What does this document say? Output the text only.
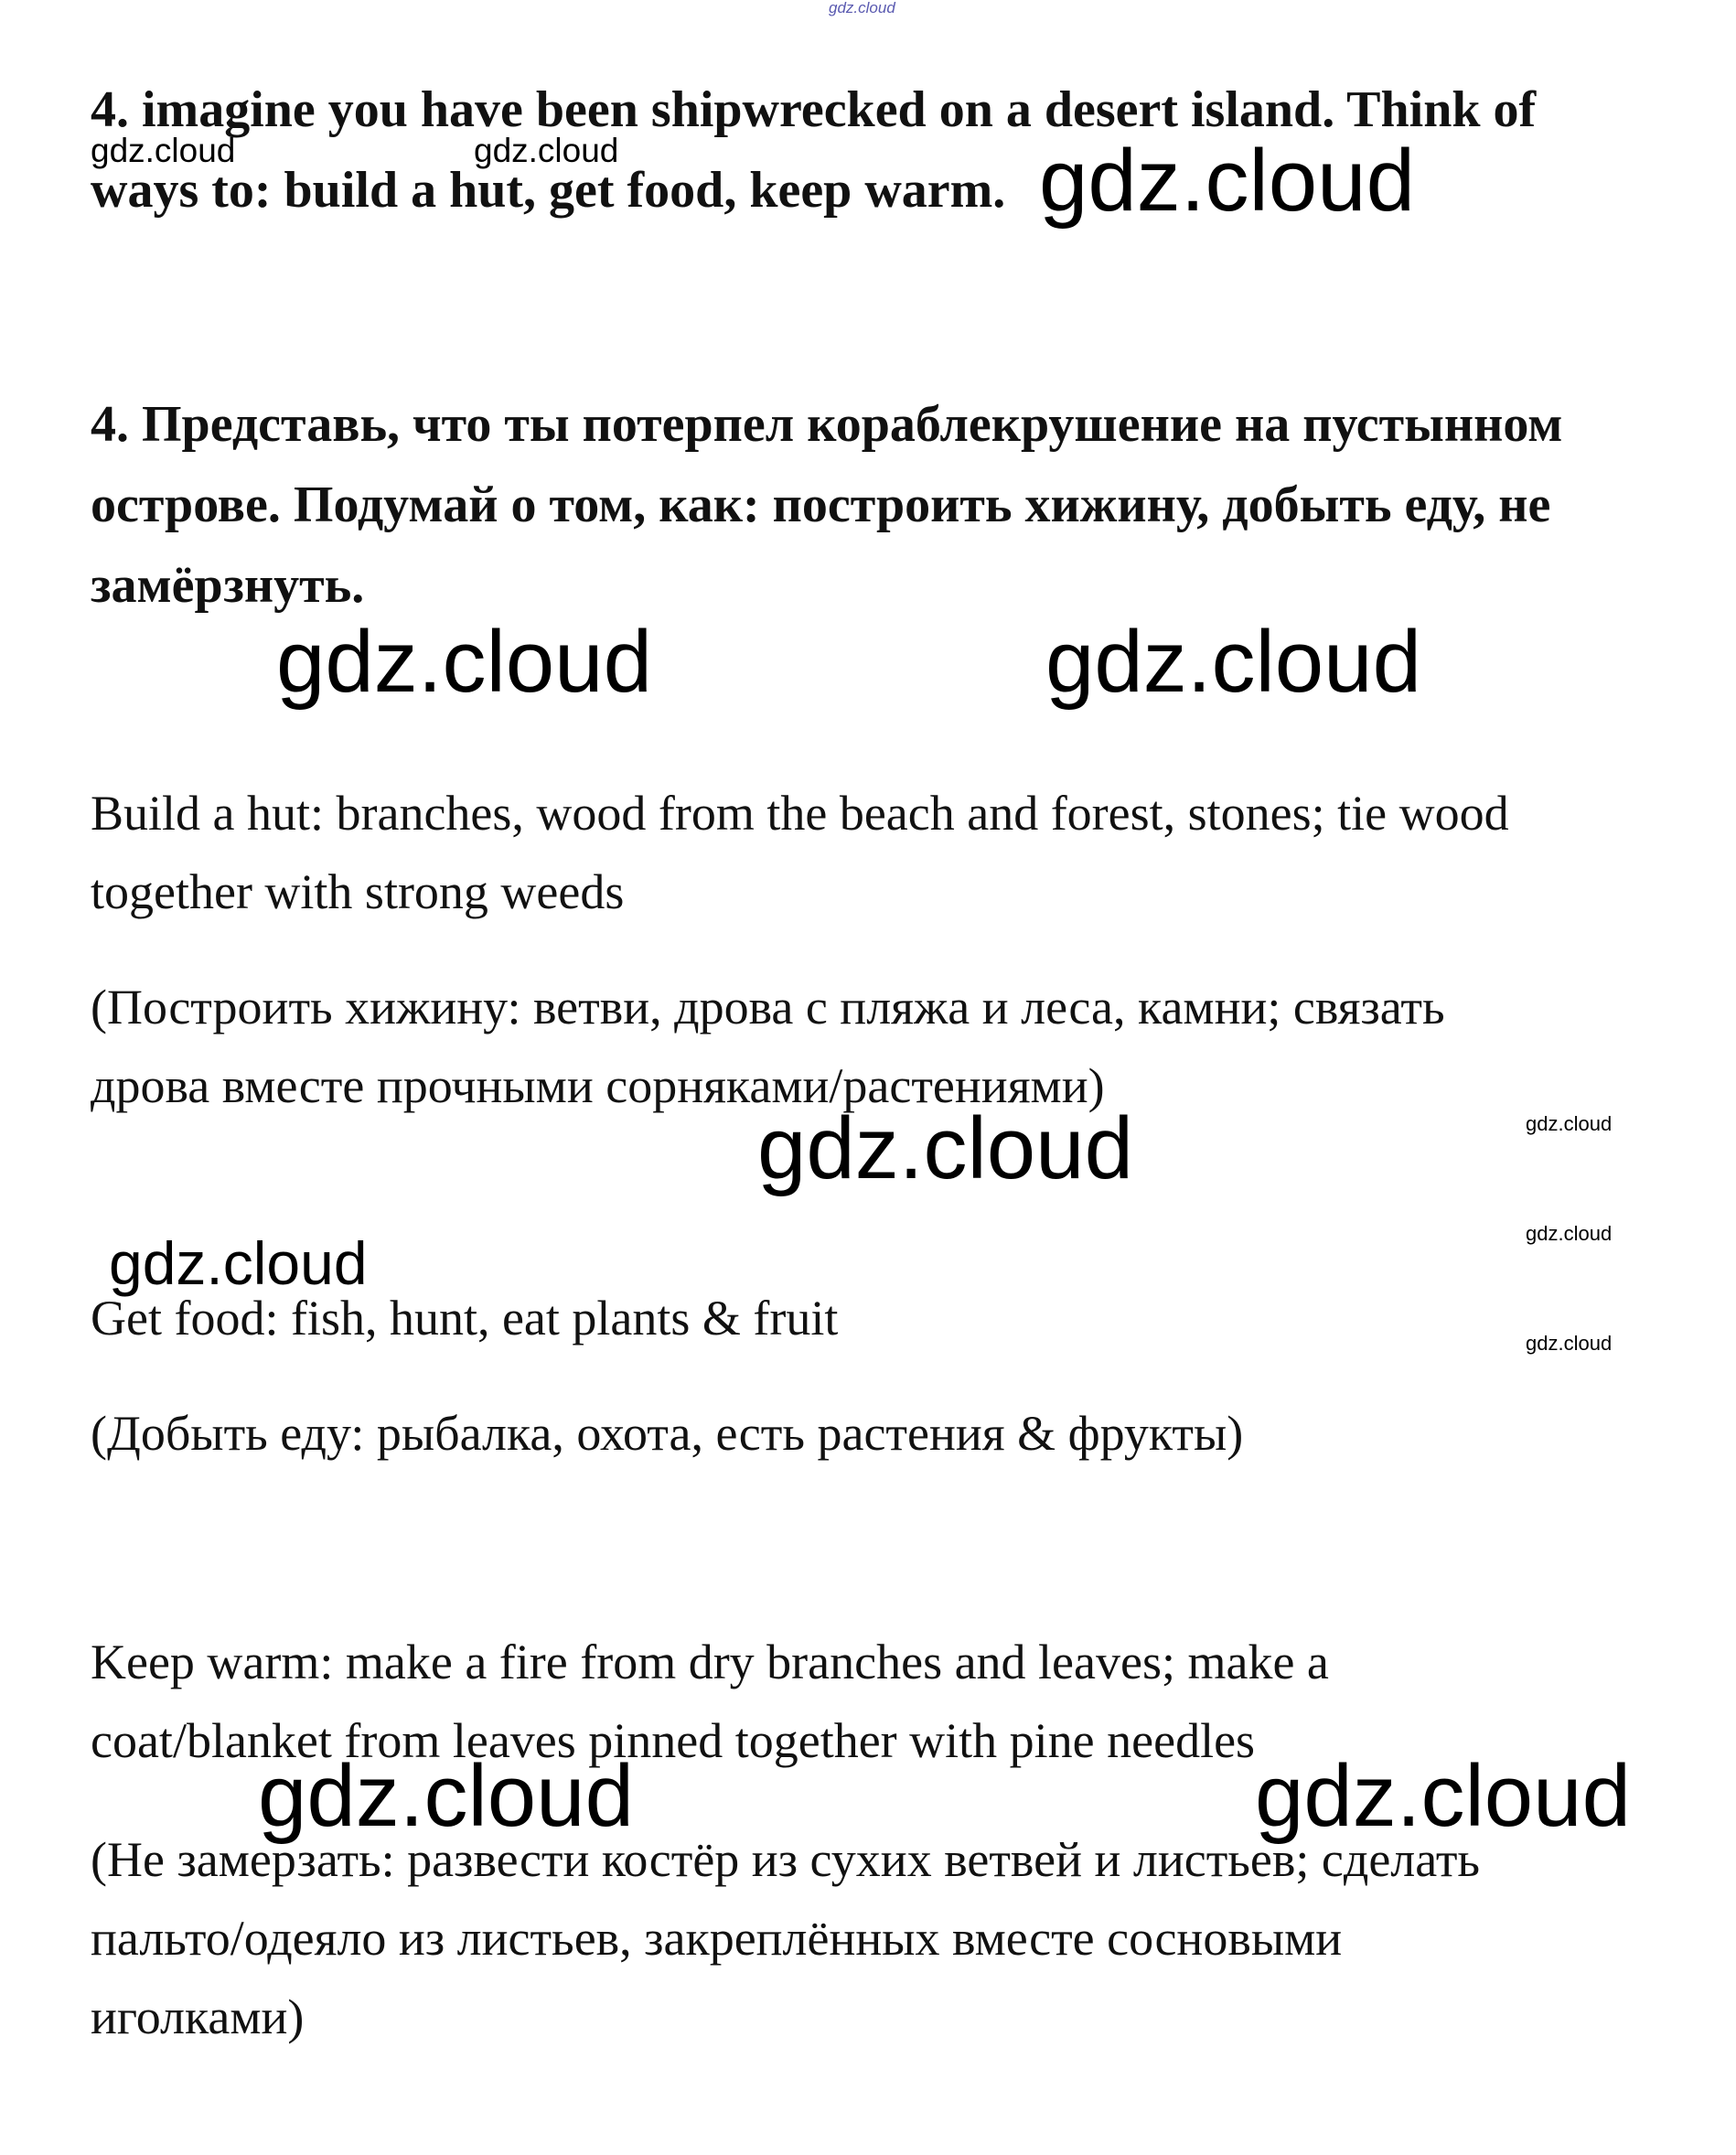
gdz.cloud

4. imagine you have been shipwrecked on a desert island. Think of
ways to: build a hut, get food, keep warm.

gdz.cloud	gdz.cloud	gdz.cloud

4. Представь, что ты потерпел кораблекрушение на пустынном
острове. Подумай о том, как: построить хижину, добыть еду, не
замёрзнуть.

gdz.cloud	gdz.cloud

Build a hut: branches, wood from the beach and forest, stones; tie wood
together with strong weeds

(Построить хижину: ветви, дрова с пляжа и леса, камни; связать
дрова вместе прочными сорняками/растениями)

gdz.cloud	gdz.cloud
gdz.cloud	gdz.cloud

Get food: fish, hunt, eat plants & fruit	gdz.cloud

(Добыть еду: рыбалка, охота, есть растения & фрукты)

Keep warm: make a fire from dry branches and leaves; make a
coat/blanket from leaves pinned together with pine needles

gdz.cloud	gdz.cloud

(Не замерзать: развести костёр из сухих ветвей и листьев; сделать
пальто/одеяло из листьев, закреплённых вместе сосновыми
иголками)
